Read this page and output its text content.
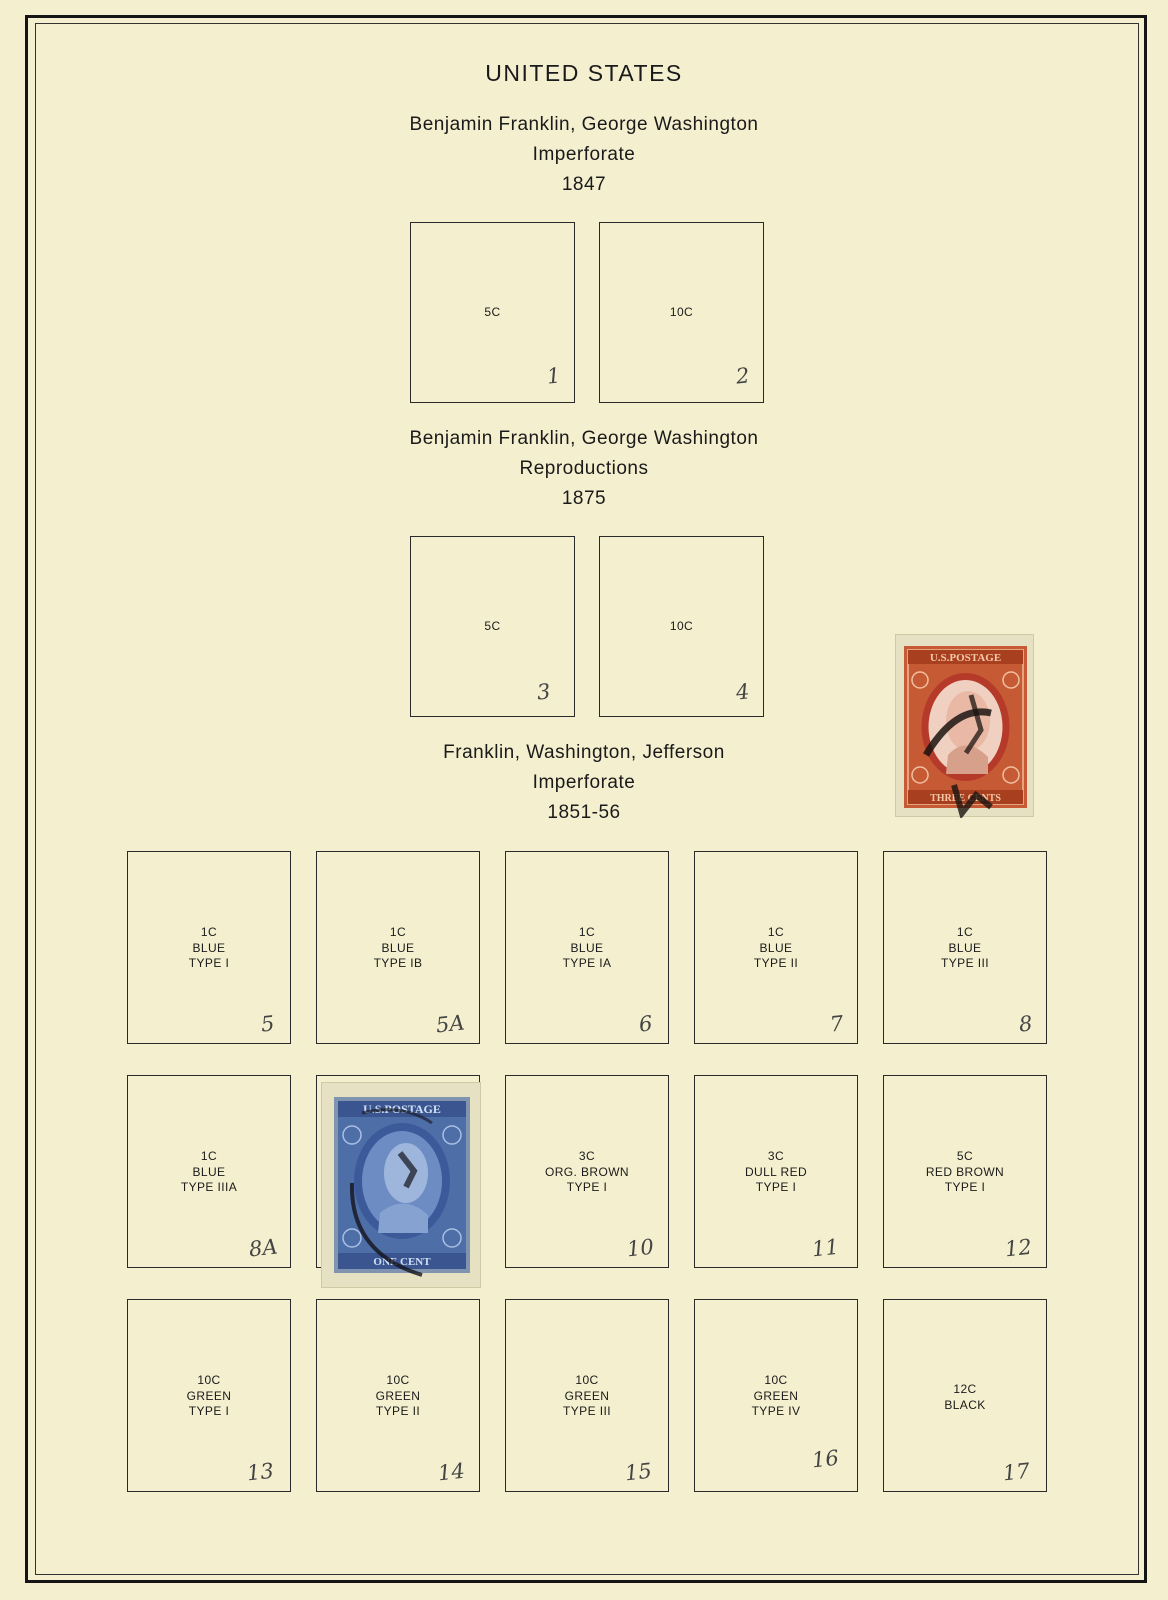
UNITED STATES
Benjamin Franklin, George Washington
Imperforate
1847
Benjamin Franklin, George Washington
Reproductions
1875
Franklin, Washington, Jefferson
Imperforate
1851-56
5C
1
10C
2
5C
3
10C
4
U.S.POSTAGE
THREE CENTS
1C
BLUE
TYPE I
5
1C
BLUE
TYPE IB
5A
1C
BLUE
TYPE IA
6
1C
BLUE
TYPE II
7
1C
BLUE
TYPE III
8
1C
BLUE
TYPE IIIA
8A
U.S.POSTAGE
ONE CENT
3C
ORG. BROWN
TYPE I
10
3C
DULL RED
TYPE I
11
5C
RED BROWN
TYPE I
12
10C
GREEN
TYPE I
13
10C
GREEN
TYPE II
14
10C
GREEN
TYPE III
15
10C
GREEN
TYPE IV
16
12C
BLACK
17
